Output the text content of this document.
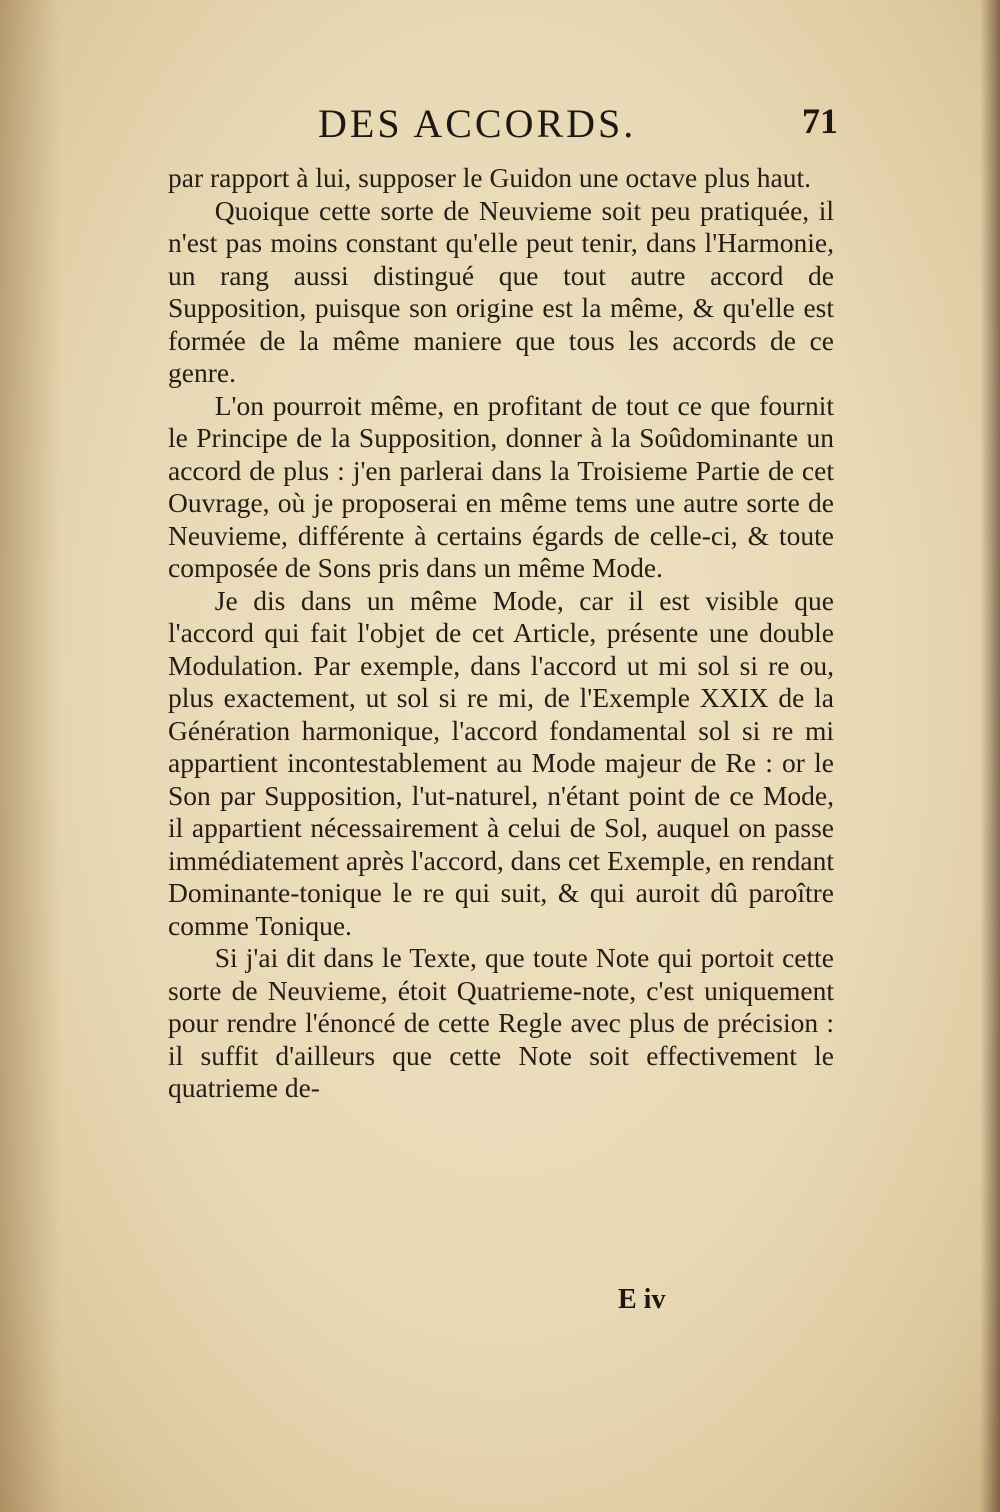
DES ACCORDS.	71

par rapport à lui, supposer le Guidon une octave plus haut.

Quoique cette sorte de Neuvieme soit peu pratiquée, il n'est pas moins constant qu'elle peut tenir, dans l'Harmonie, un rang aussi distingué que tout autre accord de Supposition, puisque son origine est la même, & qu'elle est formée de la même maniere que tous les accords de ce genre.

L'on pourroit même, en profitant de tout ce que fournit le Principe de la Supposition, donner à la Soûdominante un accord de plus : j'en parlerai dans la Troisieme Partie de cet Ouvrage, où je proposerai en même tems une autre sorte de Neuvieme, différente à certains égards de celle-ci, & toute composée de Sons pris dans un même Mode.

Je dis dans un même Mode, car il est visible que l'accord qui fait l'objet de cet Article, présente une double Modulation. Par exemple, dans l'accord ut mi sol si re ou, plus exactement, ut sol si re mi, de l'Exemple XXIX de la Génération harmonique, l'accord fondamental sol si re mi appartient incontestablement au Mode majeur de Re : or le Son par Supposition, l'ut-naturel, n'étant point de ce Mode, il appartient nécessairement à celui de Sol, auquel on passe immédiatement après l'accord, dans cet Exemple, en rendant Dominante-tonique le re qui suit, & qui auroit dû paroître comme Tonique.

Si j'ai dit dans le Texte, que toute Note qui portoit cette sorte de Neuvieme, étoit Quatrieme-note, c'est uniquement pour rendre l'énoncé de cette Regle avec plus de précision : il suffit d'ailleurs que cette Note soit effectivement le quatrieme de-

E iv
